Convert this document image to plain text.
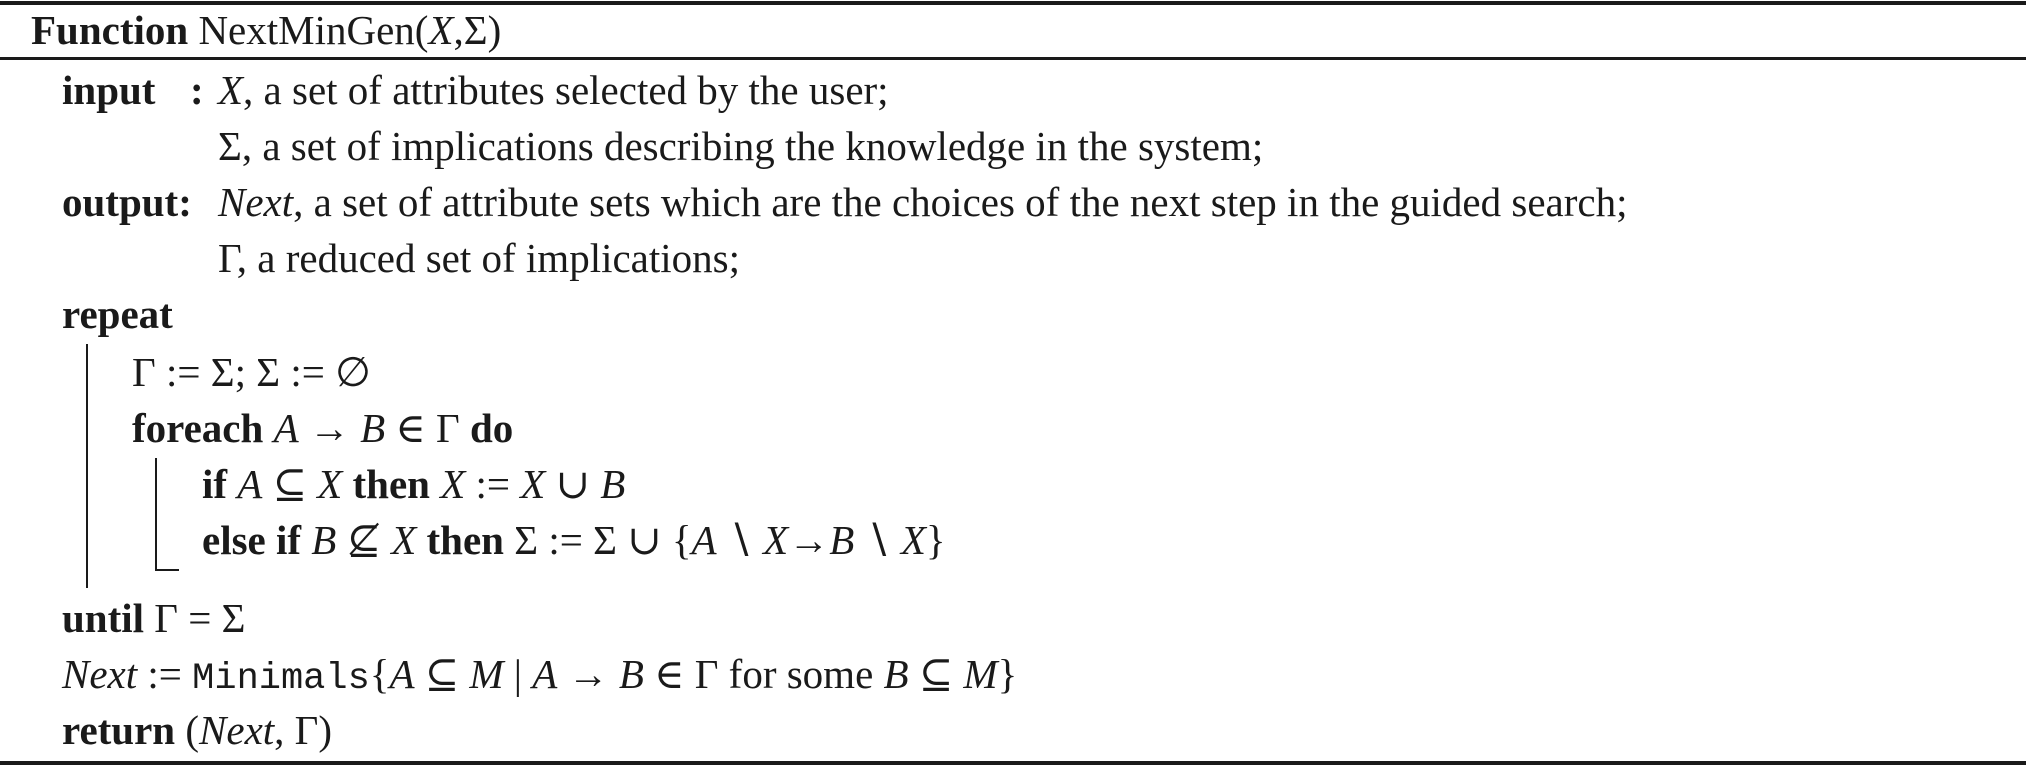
Function NextMinGen(X,Σ)
input : X, a set of attributes selected by the user;
Σ, a set of implications describing the knowledge in the system;
output: Next, a set of attribute sets which are the choices of the next step in the guided search;
Γ, a reduced set of implications;
repeat
Γ := Σ; Σ := ∅
foreach A → B ∈ Γ do
if A ⊆ X then X := X ∪ B
else if B ⊈ X then Σ := Σ ∪ {A ∖ X→B ∖ X}
until Γ = Σ
Next := Minimals{A ⊆ M | A → B ∈ Γ for some B ⊆ M}
return (Next, Γ)
